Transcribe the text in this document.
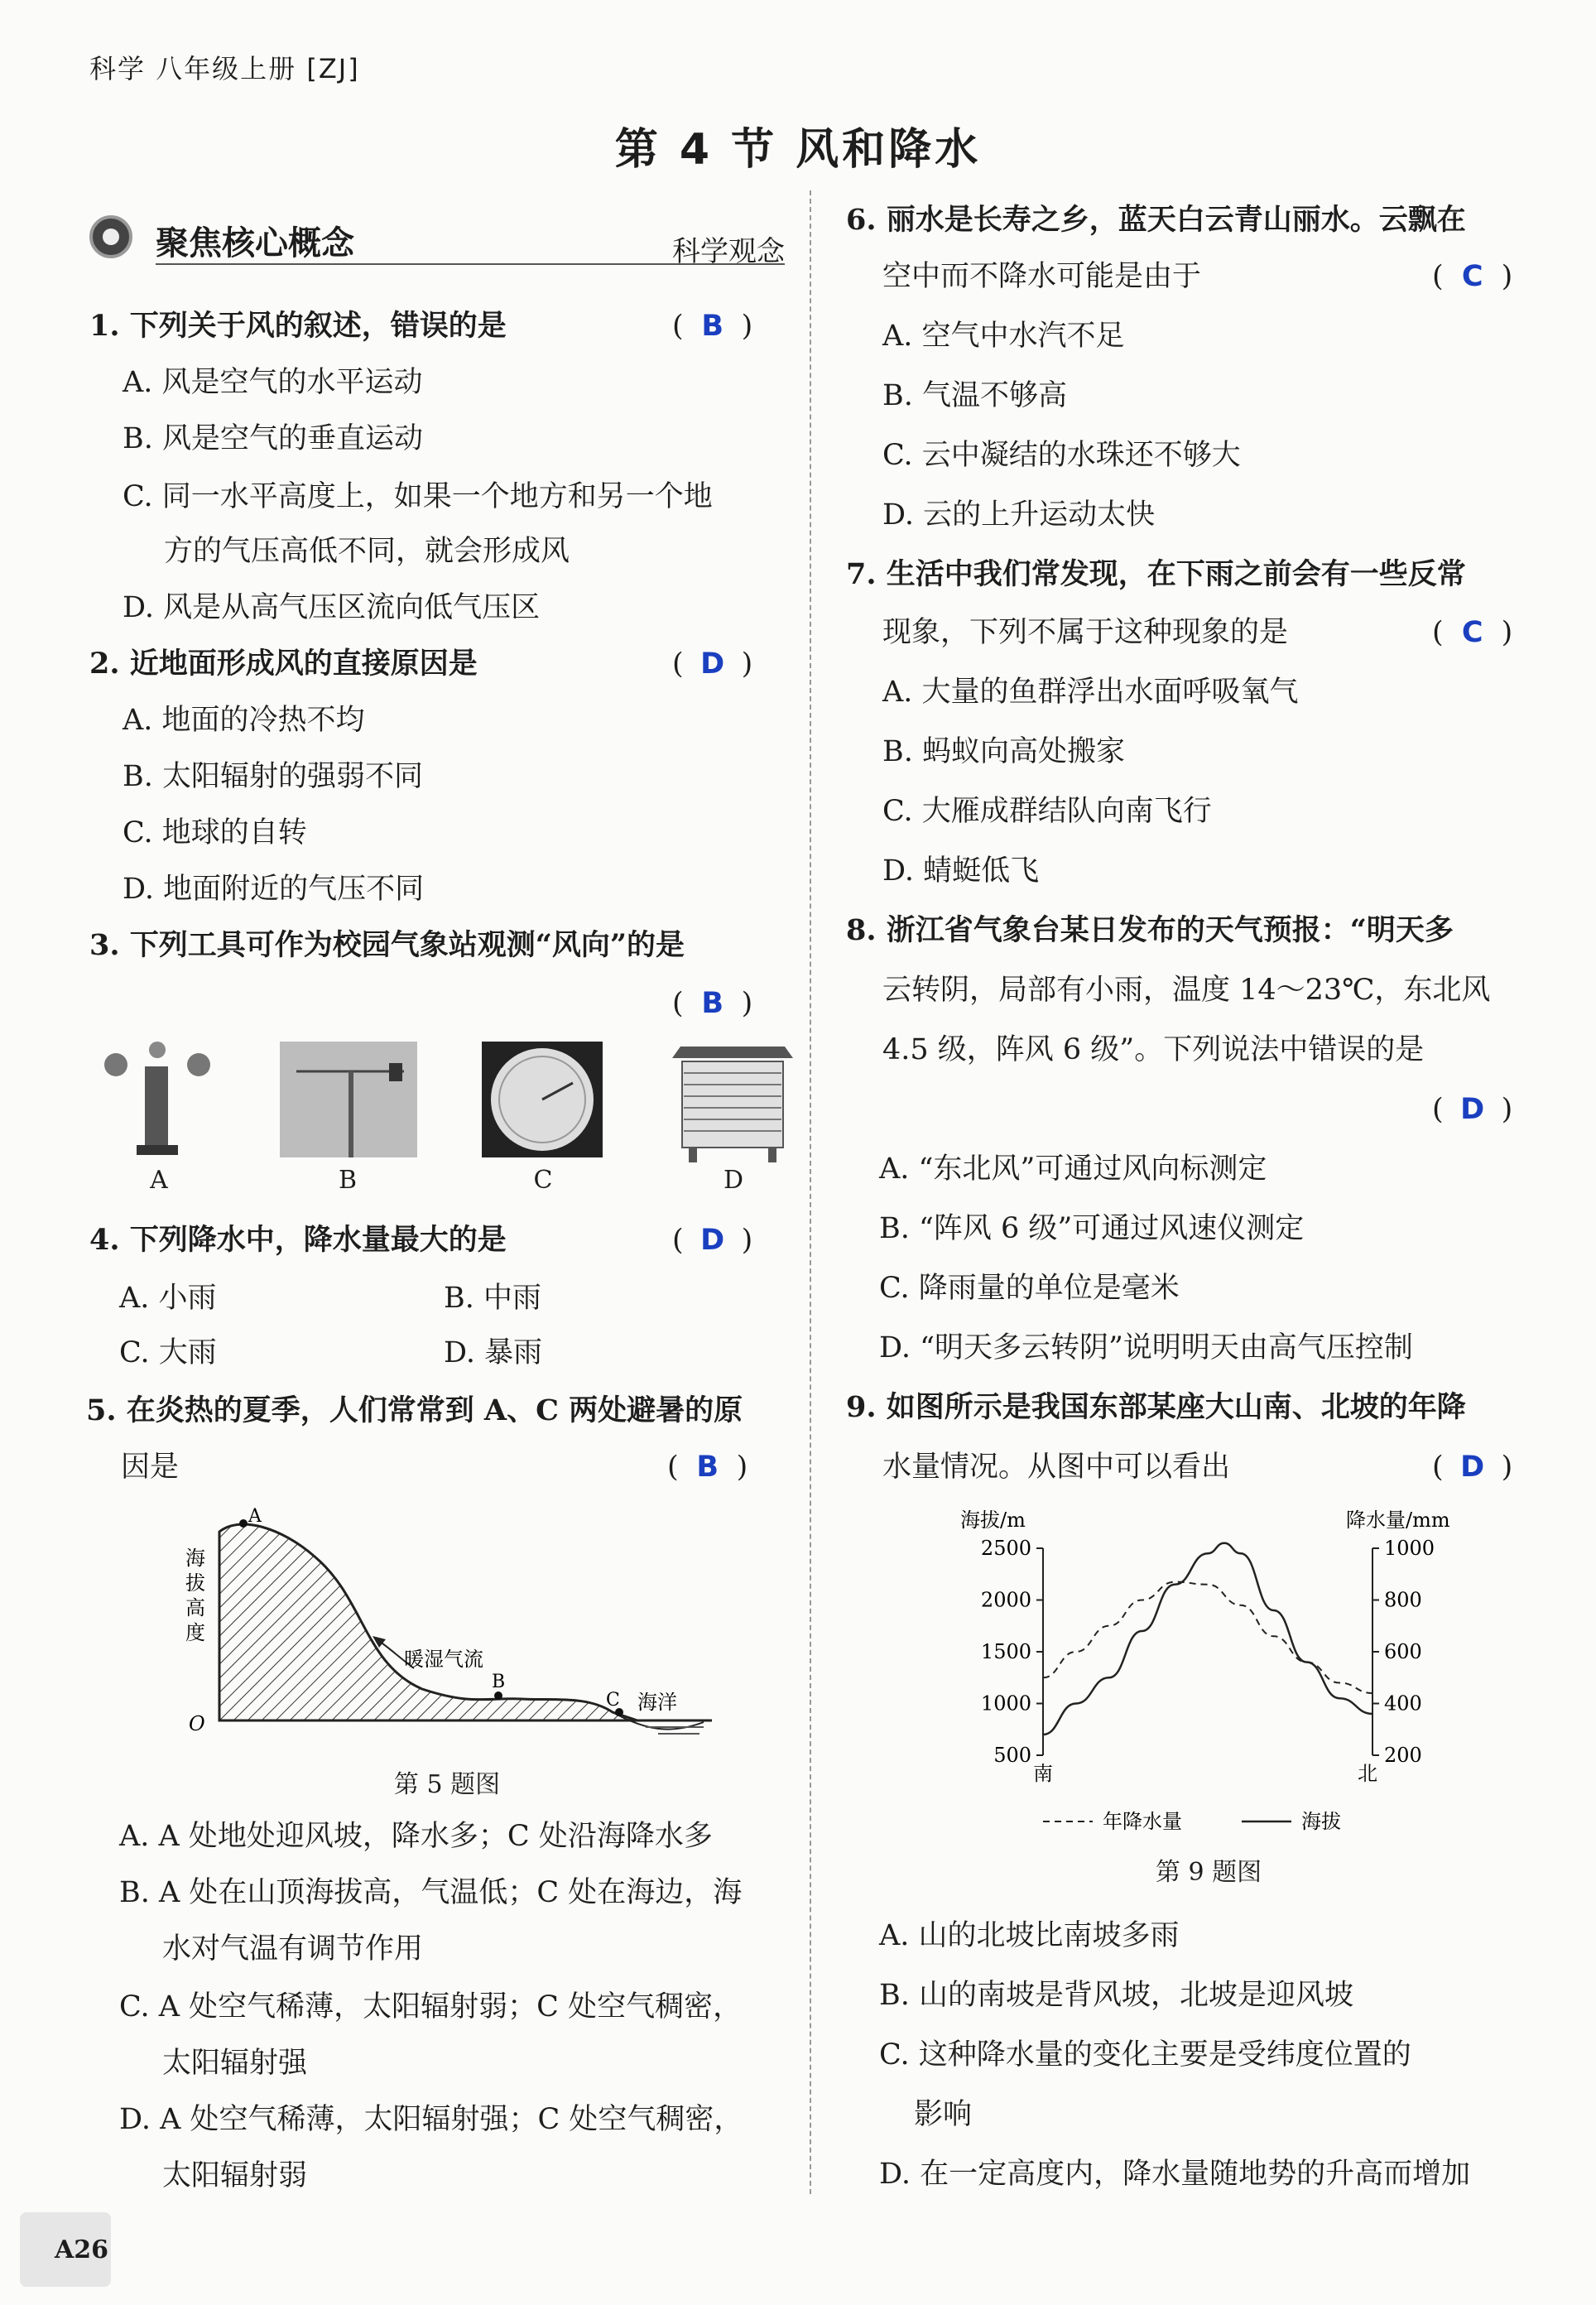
科学 八年级上册 [ZJ]
第 4 节 风和降水
聚焦核心概念	科学观念
1. 下列关于风的叙述，错误的是	( B )
A. 风是空气的水平运动
B. 风是空气的垂直运动
C. 同一水平高度上，如果一个地方和另一个地
方的气压高低不同，就会形成风
D. 风是从高气压区流向低气压区
2. 近地面形成风的直接原因是	( D )
A. 地面的冷热不均
B. 太阳辐射的强弱不同
C. 地球的自转
D. 地面附近的气压不同
3. 下列工具可作为校园气象站观测“风向”的是
( B )
A	B	C	D
4. 下列降水中，降水量最大的是	( D )
A. 小雨	B. 中雨
C. 大雨	D. 暴雨
5. 在炎热的夏季，人们常常到 A、C 两处避暑的原
因是	( B )
A
B
C
暖湿气流
海洋
O
海
拔
高
度
第 5 题图
A. A 处地处迎风坡，降水多；C 处沿海降水多
B. A 处在山顶海拔高，气温低；C 处在海边，海
水对气温有调节作用
C. A 处空气稀薄，太阳辐射弱；C 处空气稠密，
太阳辐射强
D. A 处空气稀薄，太阳辐射强；C 处空气稠密，
太阳辐射弱
6. 丽水是长寿之乡，蓝天白云青山丽水。云飘在
空中而不降水可能是由于	( C )
A. 空气中水汽不足
B. 气温不够高
C. 云中凝结的水珠还不够大
D. 云的上升运动太快
7. 生活中我们常发现，在下雨之前会有一些反常
现象，下列不属于这种现象的是	( C )
A. 大量的鱼群浮出水面呼吸氧气
B. 蚂蚁向高处搬家
C. 大雁成群结队向南飞行
D. 蜻蜓低飞
8. 浙江省气象台某日发布的天气预报：“明天多
云转阴，局部有小雨，温度 14～23℃，东北风
4.5 级，阵风 6 级”。下列说法中错误的是
( D )
A. “东北风”可通过风向标测定
B. “阵风 6 级”可通过风速仪测定
C. 降雨量的单位是毫米
D. “明天多云转阴”说明明天由高气压控制
9. 如图所示是我国东部某座大山南、北坡的年降
水量情况。从图中可以看出	( D )
海拔/m	降水量/mm
2500
2000
1500
1000
500
1000
800
600
400
200
南	北
年降水量	海拔
第 9 题图
A. 山的北坡比南坡多雨
B. 山的南坡是背风坡，北坡是迎风坡
C. 这种降水量的变化主要是受纬度位置的
影响
D. 在一定高度内，降水量随地势的升高而增加
A26
